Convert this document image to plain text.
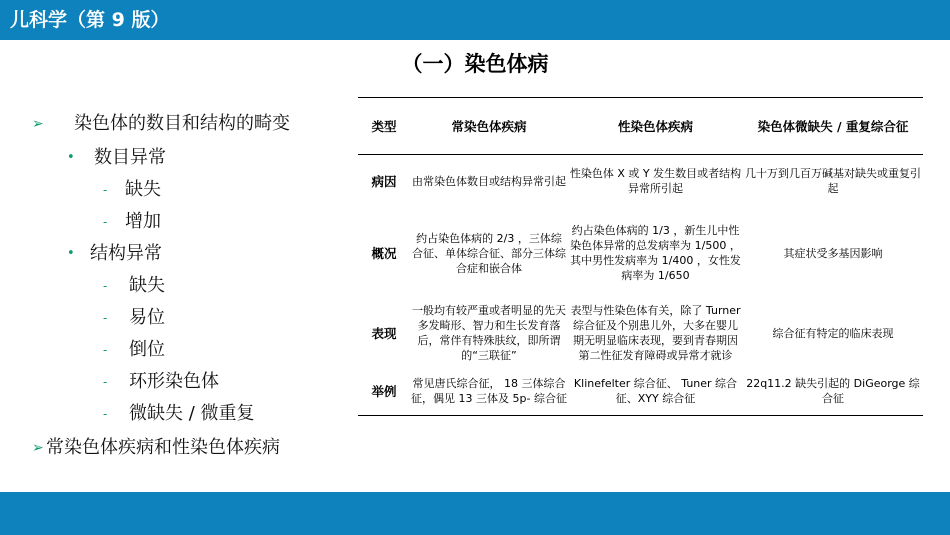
儿科学（第 9 版）
（一）染色体病
➢ 染色体的数目和结构的畸变
• 数目异常
- 缺失
- 增加
• 结构异常
- 缺失
- 易位
- 倒位
- 环形染色体
- 微缺失 / 微重复
➢ 常染色体疾病和性染色体疾病
类型	常染色体疾病	性染色体疾病	染色体微缺失 / 重复综合征
病因	由常染色体数目或结构异常引起	性染色体 X 或 Y 发生数目或者结构异常所引起	几十万到几百万碱基对缺失或重复引起
概况	约占染色体病的 2/3 ，三体综合征、单体综合征、部分三体综合症和嵌合体	约占染色体病的 1/3 ，新生儿中性染色体异常的总发病率为 1/500 ，其中男性发病率为 1/400 ，女性发病率为 1/650	其症状受多基因影响
表现	一般均有较严重或者明显的先天多发畸形、智力和生长发育落后，常伴有特殊肤纹，即所谓的“三联征”	表型与性染色体有关，除了 Turner 综合征及个别患儿外，大多在婴儿期无明显临床表现，要到青春期因第二性征发育障碍或异常才就诊	综合征有特定的临床表现
举例	常见唐氏综合征， 18 三体综合征，偶见 13 三体及 5p- 综合征	Klinefelter 综合征、 Tuner 综合征、XYY 综合征	22q11.2 缺失引起的 DiGeorge 综合征
